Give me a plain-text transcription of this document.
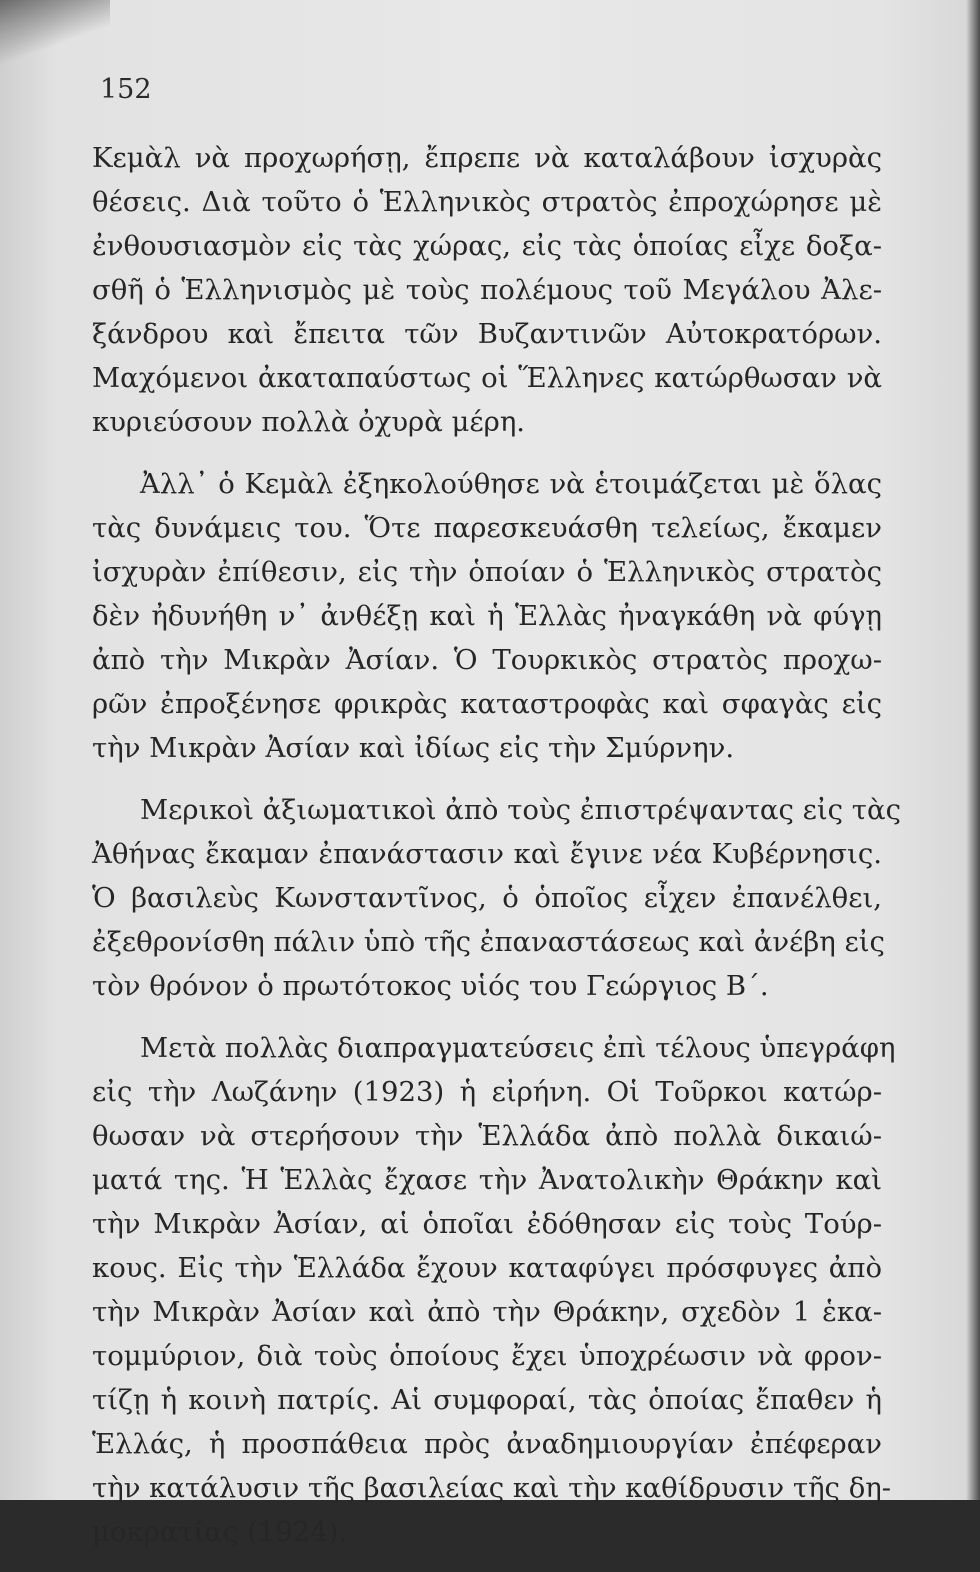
152
Κεμὰλ νὰ προχωρήσῃ, ἔπρεπε νὰ καταλάβουν ἰσχυρὰς
θέσεις. Διὰ τοῦτο ὁ Ἑλληνικὸς στρατὸς ἐπροχώρησε μὲ
ἐνθουσιασμὸν εἰς τὰς χώρας, εἰς τὰς ὁποίας εἶχε δοξα-
σθῆ ὁ Ἑλληνισμὸς μὲ τοὺς πολέμους τοῦ Μεγάλου Ἀλε-
ξάνδρου καὶ ἔπειτα τῶν Βυζαντινῶν Αὐτοκρατόρων.
Μαχόμενοι ἀκαταπαύστως οἱ Ἕλληνες κατώρθωσαν νὰ
κυριεύσουν πολλὰ ὀχυρὰ μέρη.
Ἀλλ᾽ ὁ Κεμὰλ ἐξηκολούθησε νὰ ἑτοιμάζεται μὲ ὅλας
τὰς δυνάμεις του. Ὅτε παρεσκευάσθη τελείως, ἔκαμεν
ἰσχυρὰν ἐπίθεσιν, εἰς τὴν ὁποίαν ὁ Ἑλληνικὸς στρατὸς
δὲν ἠδυνήθη ν᾽ ἀνθέξῃ καὶ ἡ Ἑλλὰς ἠναγκάθη νὰ φύγῃ
ἀπὸ τὴν Μικρὰν Ἀσίαν. Ὁ Τουρκικὸς στρατὸς προχω-
ρῶν ἐπροξένησε φρικρὰς καταστροφὰς καὶ σφαγὰς εἰς
τὴν Μικρὰν Ἀσίαν καὶ ἰδίως εἰς τὴν Σμύρνην.
Μερικοὶ ἀξιωματικοὶ ἀπὸ τοὺς ἐπιστρέψαντας εἰς τὰς
Ἀθήνας ἔκαμαν ἐπανάστασιν καὶ ἔγινε νέα Κυβέρνησις.
Ὁ βασιλεὺς Κωνσταντῖνος, ὁ ὁποῖος εἶχεν ἐπανέλθει,
ἐξεθρονίσθη πάλιν ὑπὸ τῆς ἐπαναστάσεως καὶ ἀνέβη εἰς
τὸν θρόνον ὁ πρωτότοκος υἱός του Γεώργιος Β΄.
Μετὰ πολλὰς διαπραγματεύσεις ἐπὶ τέλους ὑπεγράφη
εἰς τὴν Λωζάνην (1923) ἡ εἰρήνη. Οἱ Τοῦρκοι κατώρ-
θωσαν νὰ στερήσουν τὴν Ἑλλάδα ἀπὸ πολλὰ δικαιώ-
ματά της. Ἡ Ἑλλὰς ἔχασε τὴν Ἀνατολικὴν Θράκην καὶ
τὴν Μικρὰν Ἀσίαν, αἱ ὁποῖαι ἐδόθησαν εἰς τοὺς Τούρ-
κους. Εἰς τὴν Ἑλλάδα ἔχουν καταφύγει πρόσφυγες ἀπὸ
τὴν Μικρὰν Ἀσίαν καὶ ἀπὸ τὴν Θράκην, σχεδὸν 1 ἑκα-
τομμύριον, διὰ τοὺς ὁποίους ἔχει ὑποχρέωσιν νὰ φρον-
τίζῃ ἡ κοινὴ πατρίς. Αἱ συμφοραί, τὰς ὁποίας ἔπαθεν ἡ
Ἑλλάς, ἡ προσπάθεια πρὸς ἀναδημιουργίαν ἐπέφεραν
τὴν κατάλυσιν τῆς βασιλείας καὶ τὴν καθίδρυσιν τῆς δη-
μοκρατίας (1924).
